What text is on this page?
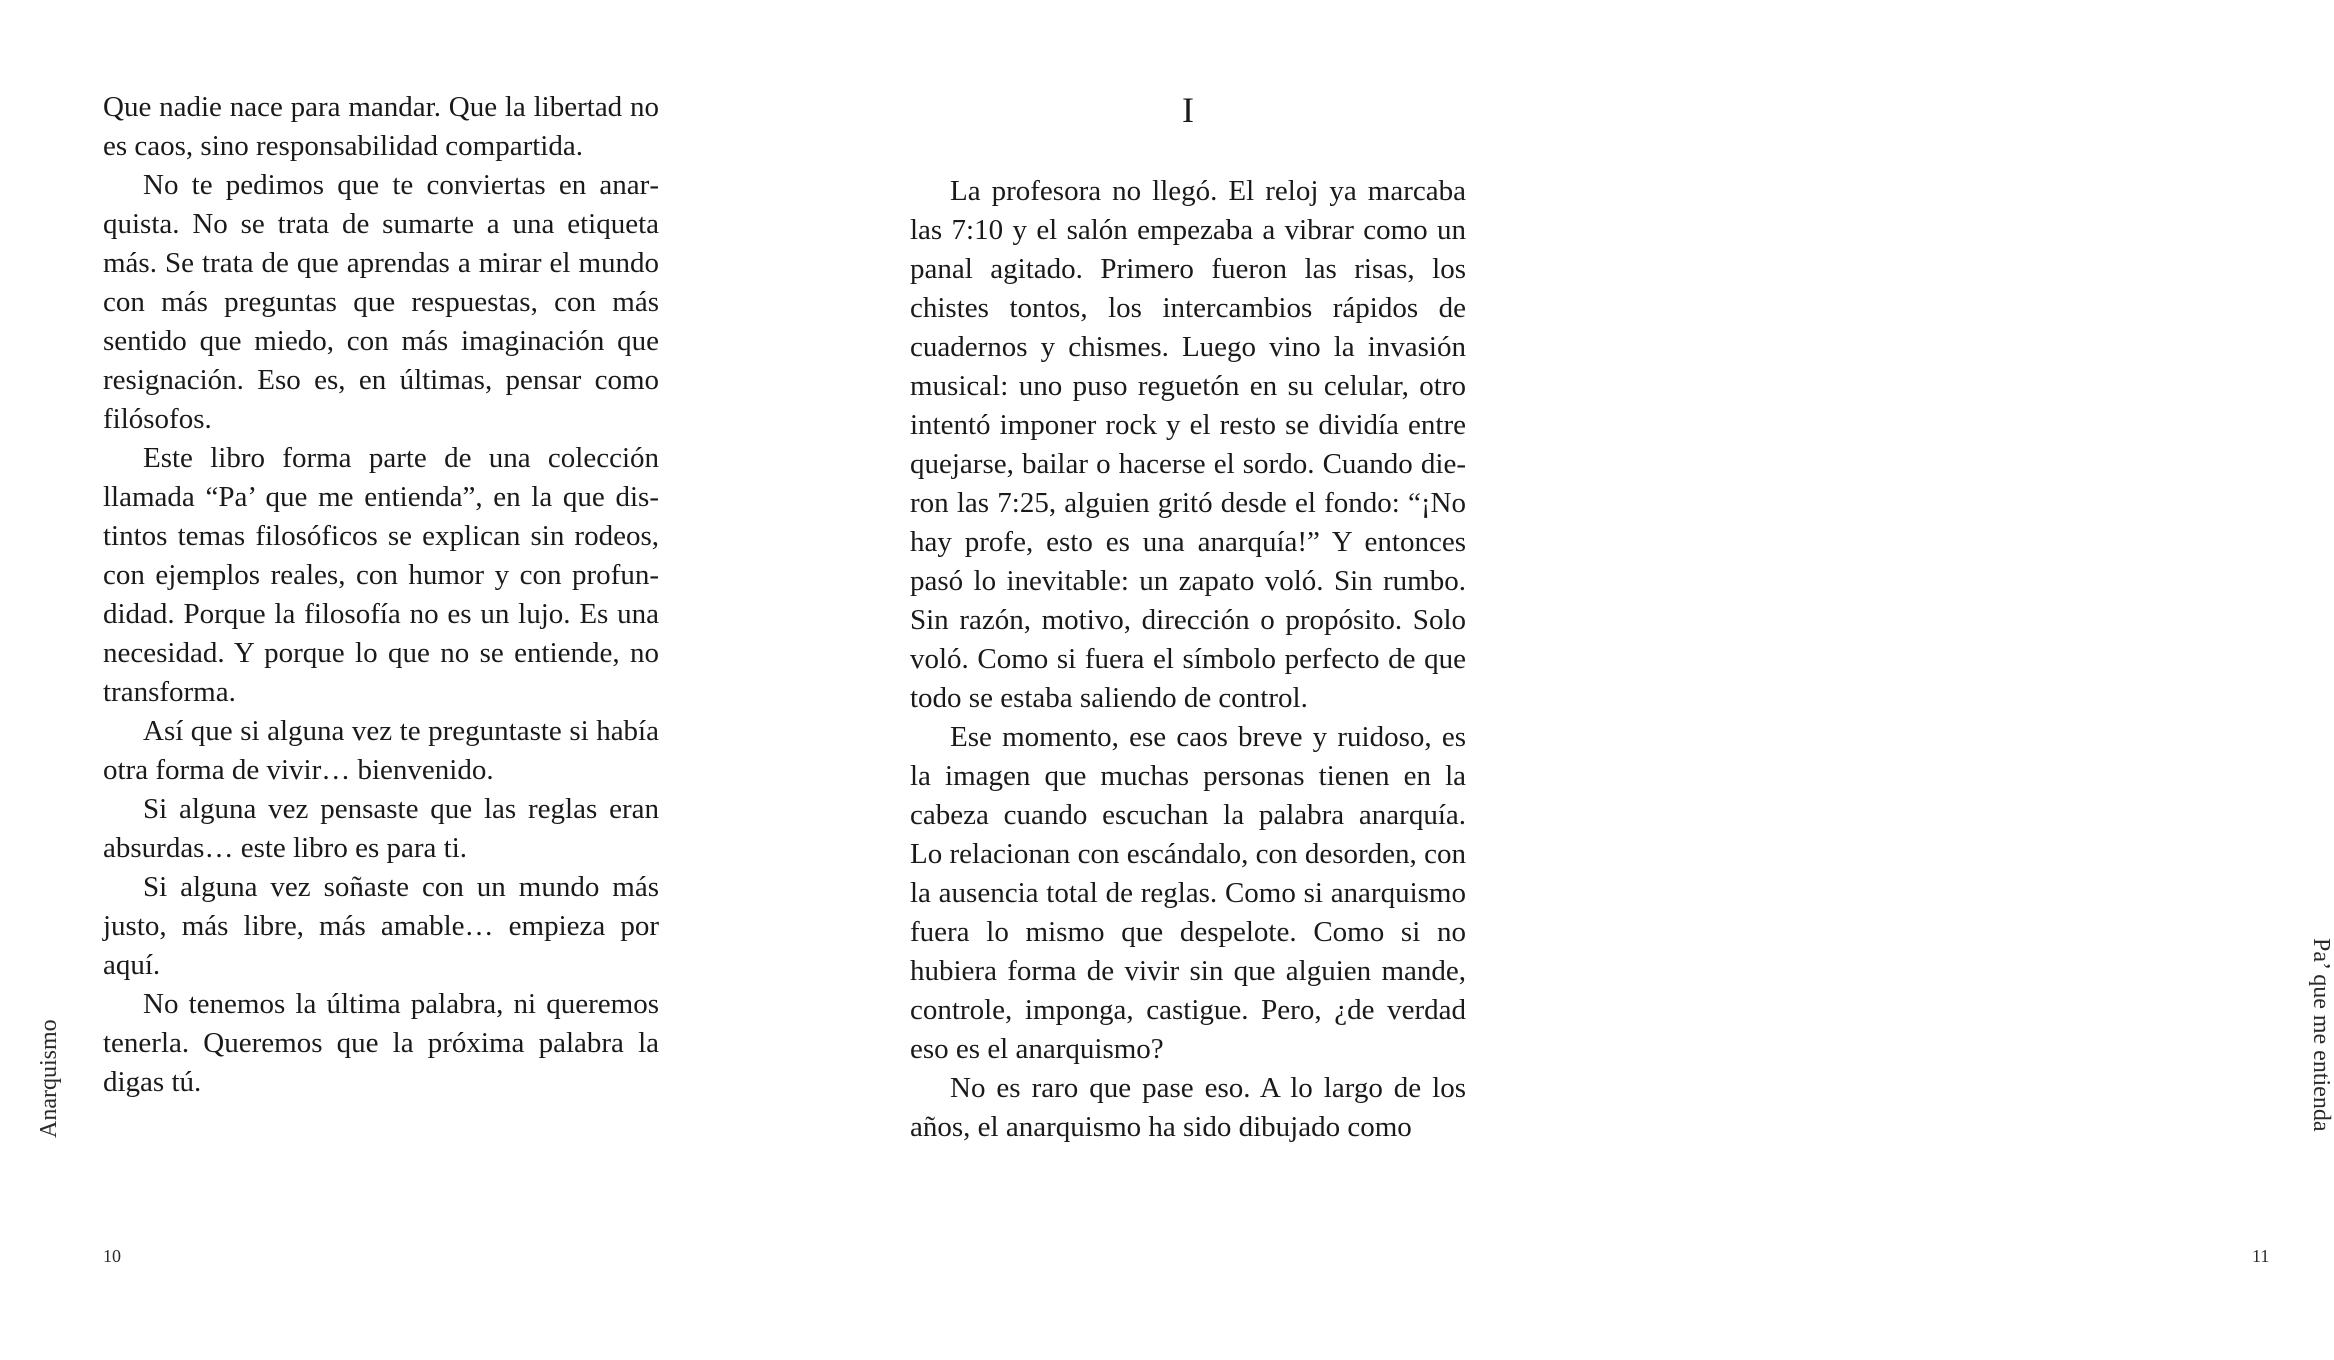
Que nadie nace para mandar. Que la libertad no es caos, sino responsabilidad compartida.

No te pedimos que te conviertas en anarquista. No se trata de sumarte a una etiqueta más. Se trata de que aprendas a mirar el mundo con más preguntas que respuestas, con más sentido que miedo, con más imaginación que resignación. Eso es, en últimas, pensar como filósofos.

Este libro forma parte de una colección llamada “Pa’ que me entienda”, en la que distintos temas filosóficos se explican sin rodeos, con ejemplos reales, con humor y con profundidad. Porque la filosofía no es un lujo. Es una necesidad. Y porque lo que no se entiende, no transforma.

Así que si alguna vez te preguntaste si había otra forma de vivir… bienvenido.

Si alguna vez pensaste que las reglas eran absurdas… este libro es para ti.

Si alguna vez soñaste con un mundo más justo, más libre, más amable… empieza por aquí.

No tenemos la última palabra, ni queremos tenerla. Queremos que la próxima palabra la digas tú.

Anarquismo
10
I

La profesora no llegó. El reloj ya marcaba las 7:10 y el salón empezaba a vibrar como un panal agitado. Primero fueron las risas, los chistes tontos, los intercambios rápidos de cuadernos y chismes. Luego vino la invasión musical: uno puso reguetón en su celular, otro intentó imponer rock y el resto se dividía entre quejarse, bailar o hacerse el sordo. Cuando dieron las 7:25, alguien gritó desde el fondo: “¡No hay profe, esto es una anarquía!” Y entonces pasó lo inevitable: un zapato voló. Sin rumbo. Sin razón, motivo, dirección o propósito. Solo voló. Como si fuera el símbolo perfecto de que todo se estaba saliendo de control.

Ese momento, ese caos breve y ruidoso, es la imagen que muchas personas tienen en la cabeza cuando escuchan la palabra anarquía. Lo relacionan con escándalo, con desorden, con la ausencia total de reglas. Como si anarquismo fuera lo mismo que despelote. Como si no hubiera forma de vivir sin que alguien mande, controle, imponga, castigue. Pero, ¿de verdad eso es el anarquismo?

No es raro que pase eso. A lo largo de los años, el anarquismo ha sido dibujado como	Pa’ que me entienda
11
